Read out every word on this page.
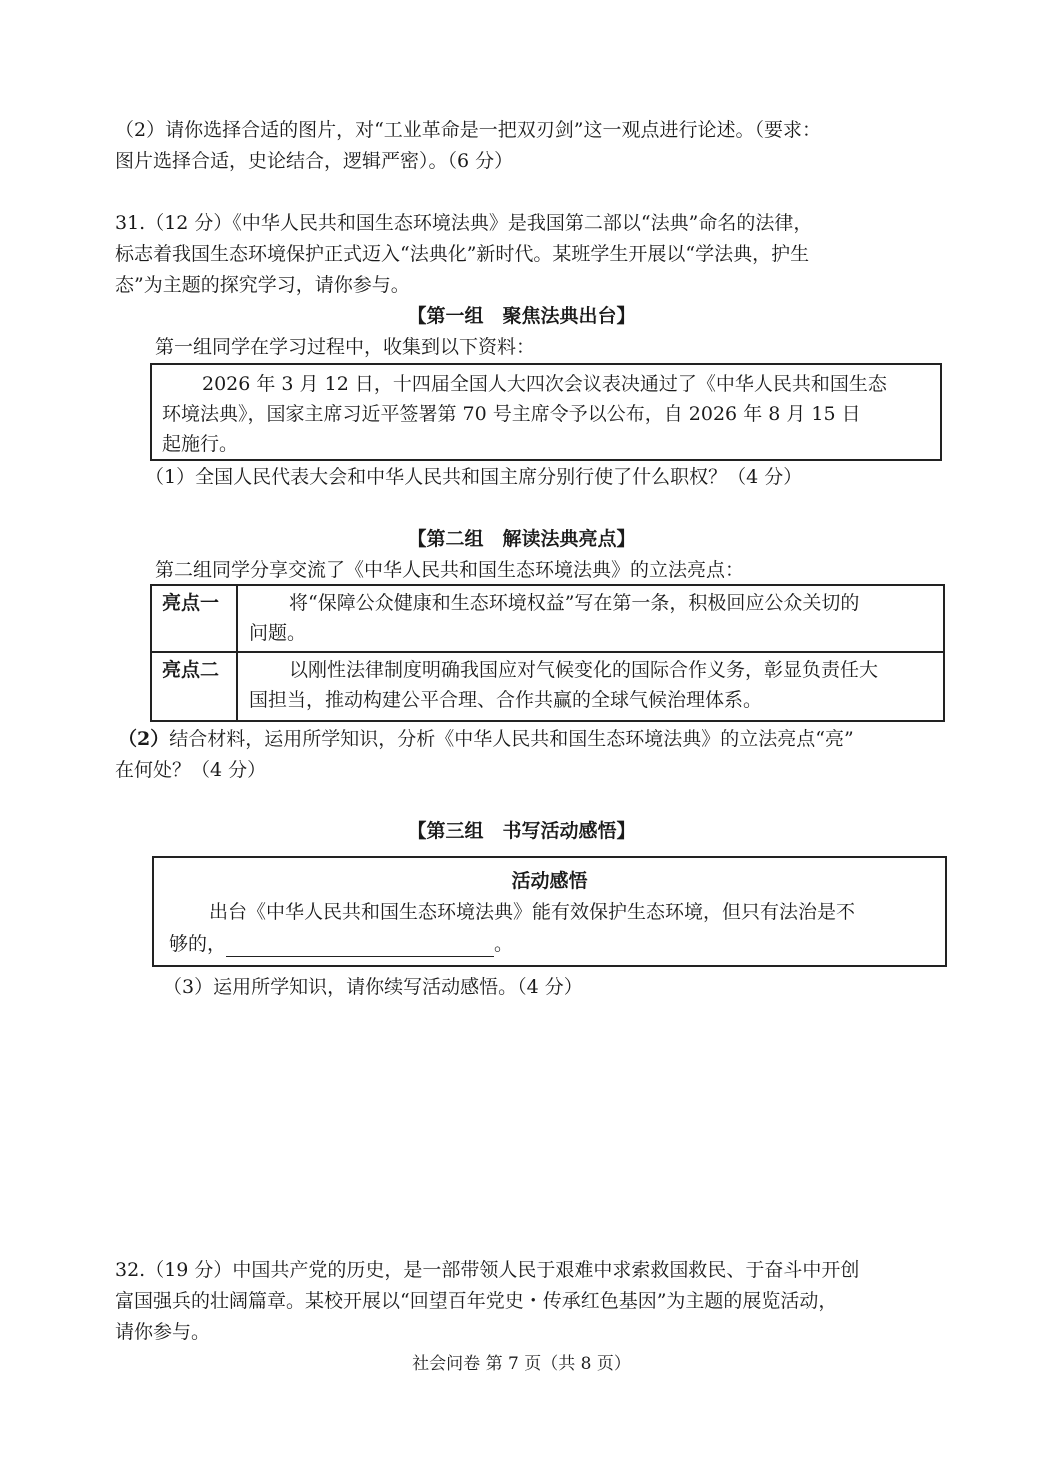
（2）请你选择合适的图片，对“工业革命是一把双刃剑”这一观点进行论述。（要求：
图片选择合适，史论结合，逻辑严密）。（6 分）
31.（12 分）《中华人民共和国生态环境法典》是我国第二部以“法典”命名的法律，
标志着我国生态环境保护正式迈入“法典化”新时代。某班学生开展以“学法典，护生
态”为主题的探究学习，请你参与。
【第一组　聚焦法典出台】
第一组同学在学习过程中，收集到以下资料：
2026 年 3 月 12 日，十四届全国人大四次会议表决通过了《中华人民共和国生态
环境法典》，国家主席习近平签署第 70 号主席令予以公布，自 2026 年 8 月 15 日
起施行。
（1）全国人民代表大会和中华人民共和国主席分别行使了什么职权？（4 分）
【第二组　解读法典亮点】
第二组同学分享交流了《中华人民共和国生态环境法典》的立法亮点：
亮点一	将“保障公众健康和生态环境权益”写在第一条，积极回应公众关切的
问题。
亮点二	以刚性法律制度明确我国应对气候变化的国际合作义务，彰显负责任大
国担当，推动构建公平合理、合作共赢的全球气候治理体系。
（2）结合材料，运用所学知识，分析《中华人民共和国生态环境法典》的立法亮点“亮”
在何处？（4 分）
【第三组　书写活动感悟】
活动感悟
出台《中华人民共和国生态环境法典》能有效保护生态环境，但只有法治是不
够的，	。
（3）运用所学知识，请你续写活动感悟。（4 分）
32.（19 分）中国共产党的历史，是一部带领人民于艰难中求索救国救民、于奋斗中开创
富国强兵的壮阔篇章。某校开展以“回望百年党史・传承红色基因”为主题的展览活动，
请你参与。
社会问卷 第 7 页（共 8 页）
